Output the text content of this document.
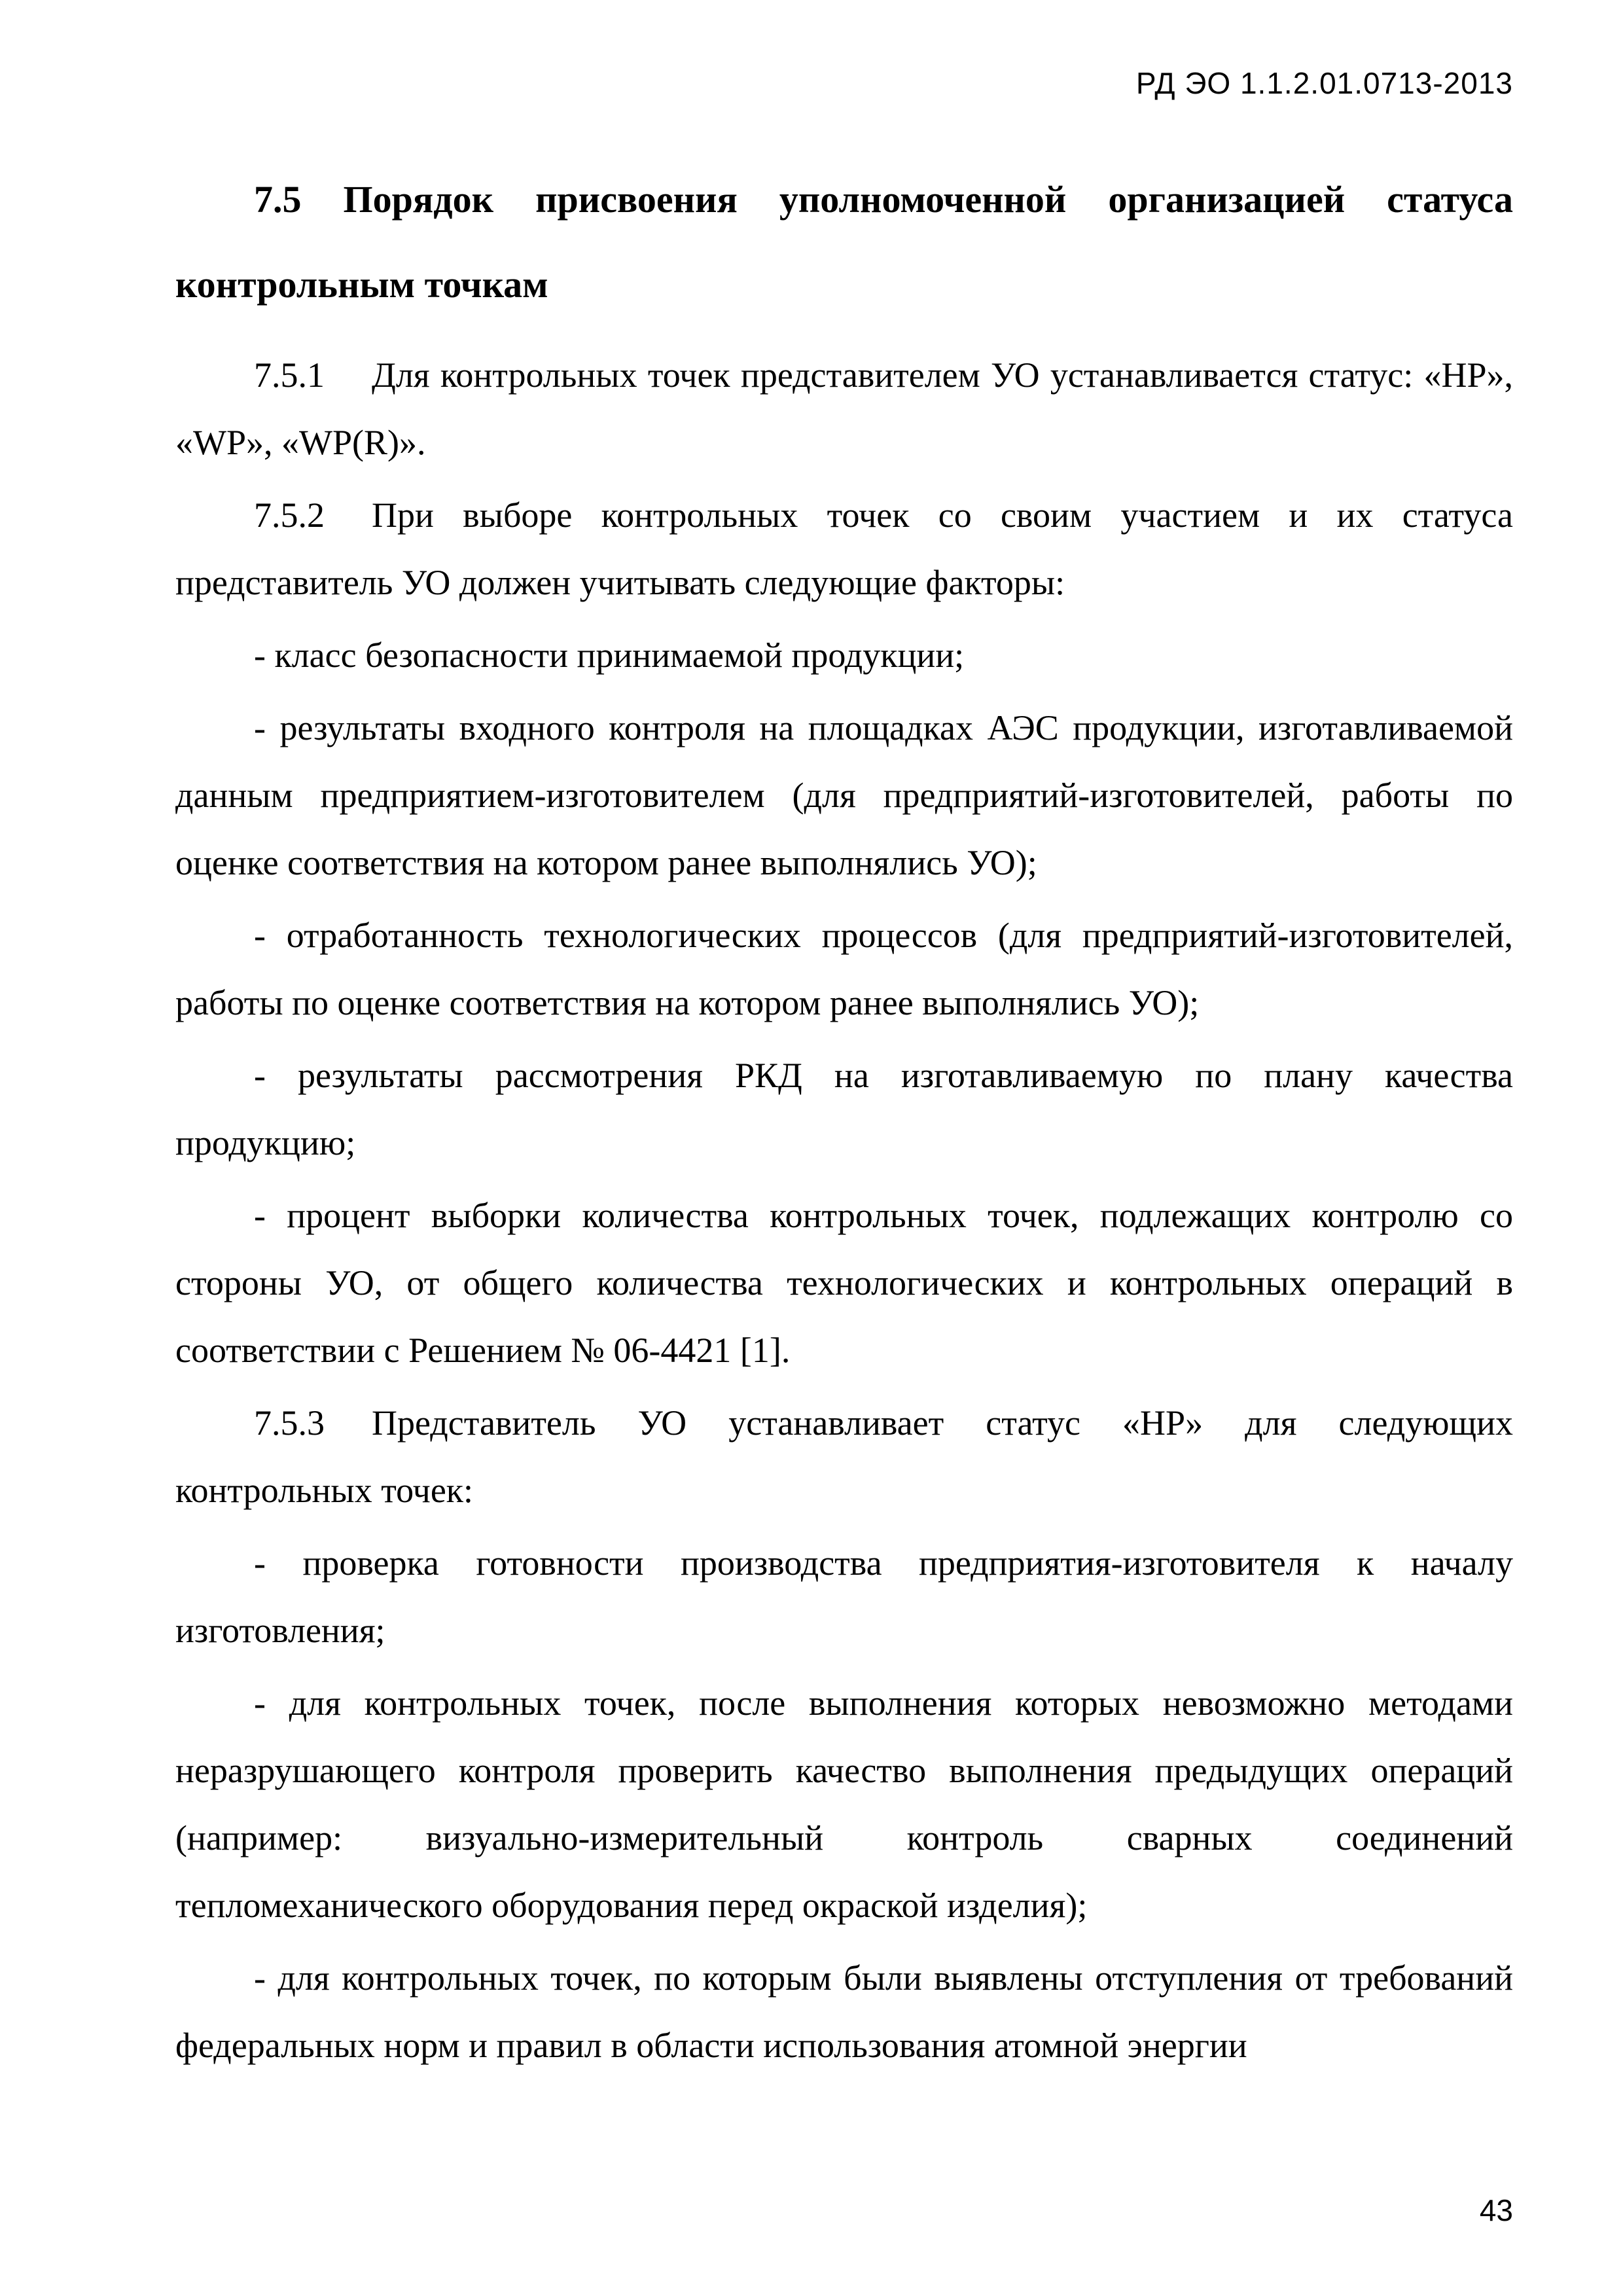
РД ЭО 1.1.2.01.0713-2013

7.5 Порядок присвоения уполномоченной организацией статуса контрольным точкам

7.5.1 Для контрольных точек представителем УО устанавливается статус: «HP», «WP», «WP(R)».

7.5.2 При выборе контрольных точек со своим участием и их статуса представитель УО должен учитывать следующие факторы:

- класс безопасности принимаемой продукции;

- результаты входного контроля на площадках АЭС продукции, изготавливаемой данным предприятием-изготовителем (для предприятий-изготовителей, работы по оценке соответствия на котором ранее выполнялись УО);

- отработанность технологических процессов (для предприятий-изготовителей, работы по оценке соответствия на котором ранее выполнялись УО);

- результаты рассмотрения РКД на изготавливаемую по плану качества продукцию;

- процент выборки количества контрольных точек, подлежащих контролю со стороны УО, от общего количества технологических и контрольных операций в соответствии с Решением № 06-4421 [1].

7.5.3 Представитель УО устанавливает статус «HP» для следующих контрольных точек:

- проверка готовности производства предприятия-изготовителя к началу изготовления;

- для контрольных точек, после выполнения которых невозможно методами неразрушающего контроля проверить качество выполнения предыдущих операций (например: визуально-измерительный контроль сварных соединений тепломеханического оборудования перед окраской изделия);

- для контрольных точек, по которым были выявлены отступления от требований федеральных норм и правил в области использования атомной энергии

43
